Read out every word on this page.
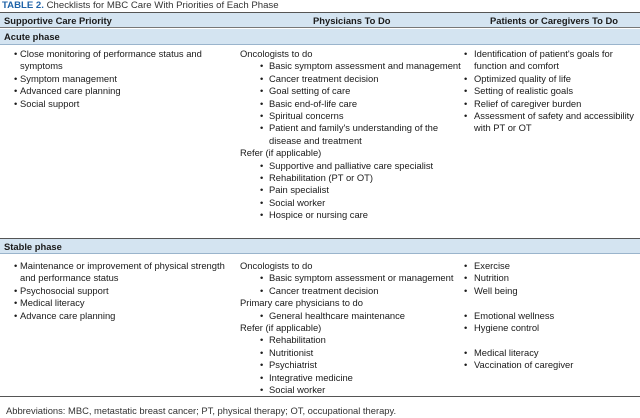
TABLE 2. Checklists for MBC Care With Priorities of Each Phase
Supportive Care Priority	Physicians To Do	Patients or Caregivers To Do
Acute phase
• Close monitoring of performance status and symptoms
• Symptom management
• Advanced care planning
• Social support
Oncologists to do
• Basic symptom assessment and management
• Cancer treatment decision
• Goal setting of care
• Basic end-of-life care
• Spiritual concerns
• Patient and family's understanding of the disease and treatment
Refer (if applicable)
• Supportive and palliative care specialist
• Rehabilitation (PT or OT)
• Pain specialist
• Social worker
• Hospice or nursing care
• Identification of patient's goals for function and comfort
• Optimized quality of life
• Setting of realistic goals
• Relief of caregiver burden
• Assessment of safety and accessibility with PT or OT
Stable phase
• Maintenance or improvement of physical strength and performance status
• Psychosocial support
• Medical literacy
• Advance care planning
Oncologists to do
• Basic symptom assessment or management
• Cancer treatment decision
Primary care physicians to do
• General healthcare maintenance
Refer (if applicable)
• Rehabilitation
• Nutritionist
• Psychiatrist
• Integrative medicine
• Social worker
• Exercise
• Nutrition
• Well being
• Emotional wellness
• Hygiene control
• Medical literacy
• Vaccination of caregiver
Abbreviations: MBC, metastatic breast cancer; PT, physical therapy; OT, occupational therapy.
